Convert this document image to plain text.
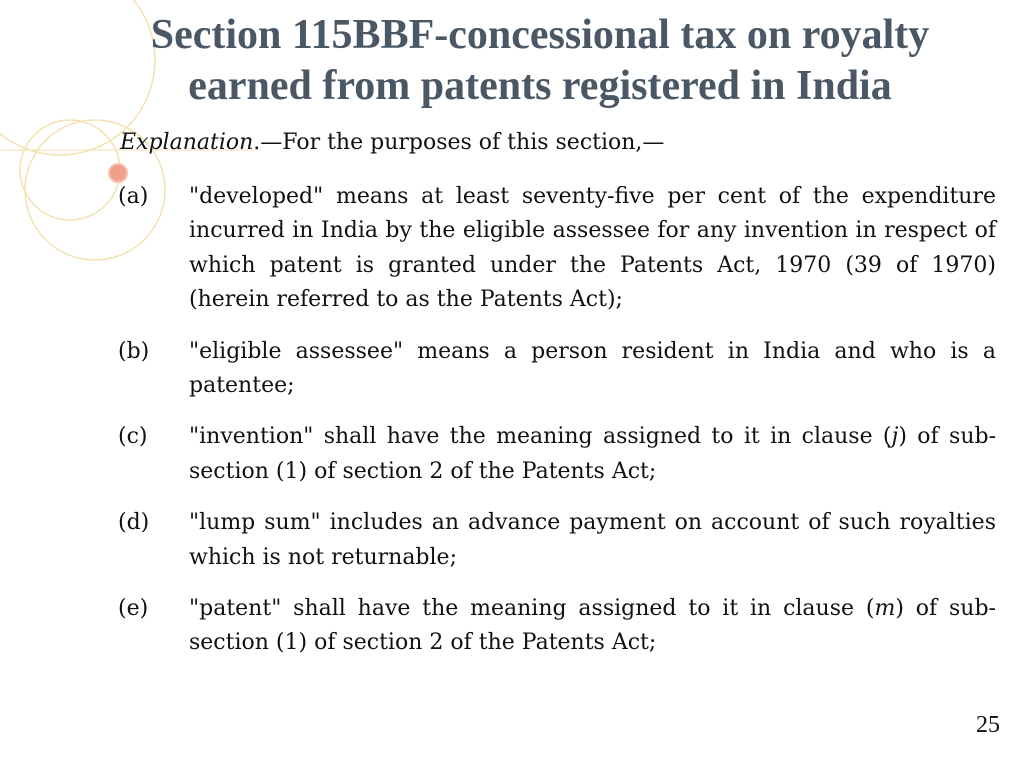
Section 115BBF-concessional tax on royalty
earned from patents registered in India
Explanation.—For the purposes of this section,—
(a)	"developed" means at least seventy-five per cent of the expenditure incurred in India by the eligible assessee for any invention in respect of which patent is granted under the Patents Act, 1970 (39 of 1970) (herein referred to as the Patents Act);
(b)	"eligible assessee" means a person resident in India and who is a patentee;
(c)	"invention" shall have the meaning assigned to it in clause (j) of sub-section (1) of section 2 of the Patents Act;
(d)	"lump sum" includes an advance payment on account of such royalties which is not returnable;
(e)	"patent" shall have the meaning assigned to it in clause (m) of sub-section (1) of section 2 of the Patents Act;
25
